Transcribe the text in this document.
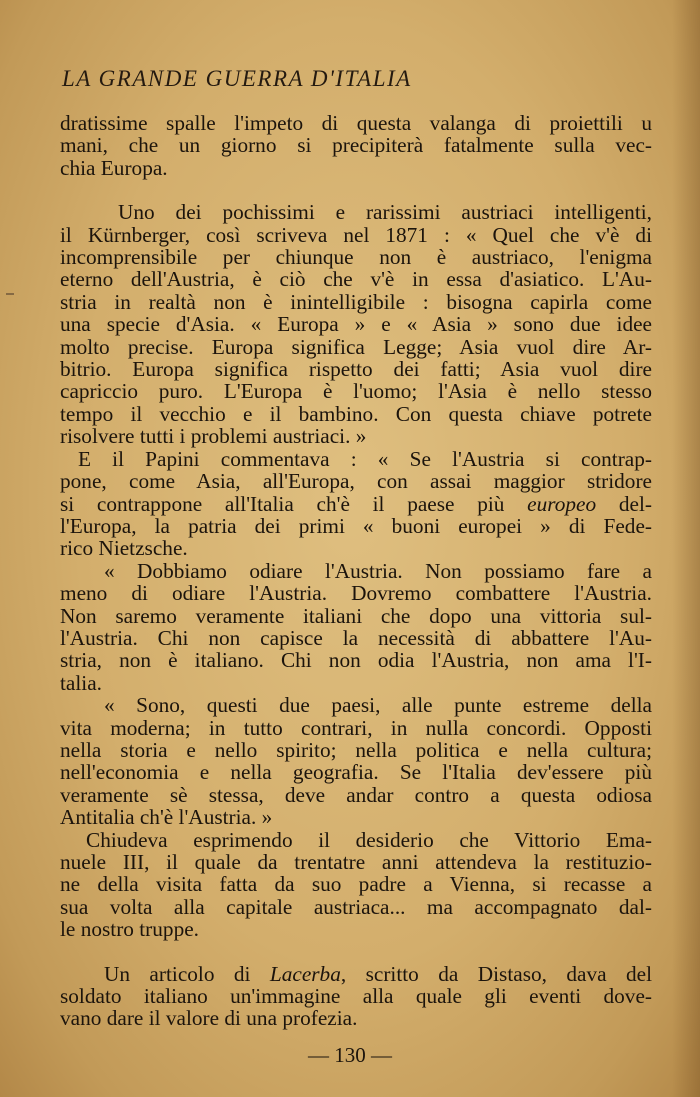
LA GRANDE GUERRA D'ITALIA
dratissime spalle l'impeto di questa valanga di proiettili u
mani, che un giorno si precipiterà fatalmente sulla vec-
chia Europa.
Uno dei pochissimi e rarissimi austriaci intelligenti,
il Kürnberger, così scriveva nel 1871 : « Quel che v'è di
incomprensibile per chiunque non è austriaco, l'enigma
eterno dell'Austria, è ciò che v'è in essa d'asiatico. L'Au-
stria in realtà non è inintelligibile : bisogna capirla come
una specie d'Asia. « Europa » e « Asia » sono due idee
molto precise. Europa significa Legge; Asia vuol dire Ar-
bitrio. Europa significa rispetto dei fatti; Asia vuol dire
capriccio puro. L'Europa è l'uomo; l'Asia è nello stesso
tempo il vecchio e il bambino. Con questa chiave potrete
risolvere tutti i problemi austriaci. »
E il Papini commentava : « Se l'Austria si contrap-
pone, come Asia, all'Europa, con assai maggior stridore
si contrappone all'Italia ch'è il paese più europeo del-
l'Europa, la patria dei primi « buoni europei » di Fede-
rico Nietzsche.
« Dobbiamo odiare l'Austria. Non possiamo fare a
meno di odiare l'Austria. Dovremo combattere l'Austria.
Non saremo veramente italiani che dopo una vittoria sul-
l'Austria. Chi non capisce la necessità di abbattere l'Au-
stria, non è italiano. Chi non odia l'Austria, non ama l'I-
talia.
« Sono, questi due paesi, alle punte estreme della
vita moderna; in tutto contrari, in nulla concordi. Opposti
nella storia e nello spirito; nella politica e nella cultura;
nell'economia e nella geografia. Se l'Italia dev'essere più
veramente sè stessa, deve andar contro a questa odiosa
Antitalia ch'è l'Austria. »
Chiudeva esprimendo il desiderio che Vittorio Ema-
nuele III, il quale da trentatre anni attendeva la restituzio-
ne della visita fatta da suo padre a Vienna, si recasse a
sua volta alla capitale austriaca... ma accompagnato dal-
le nostro truppe.
Un articolo di Lacerba, scritto da Distaso, dava del
soldato italiano un'immagine alla quale gli eventi dove-
vano dare il valore di una profezia.
— 130 —
